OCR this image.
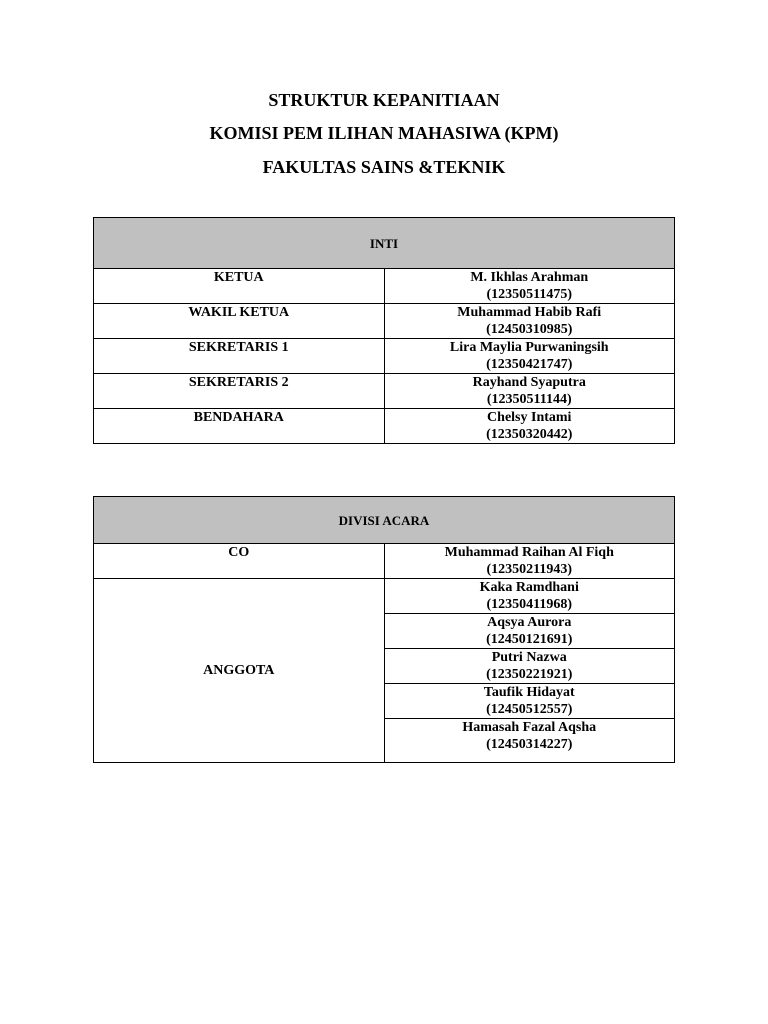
STRUKTUR KEPANITIAAN
KOMISI PEM ILIHAN MAHASIWA (KPM)
FAKULTAS SAINS &TEKNIK
INTI	
KETUA	M. Ikhlas Arahman
(12350511475)

WAKIL KETUA	Muhammad Habib Rafi
(12450310985)

SEKRETARIS 1	Lira Maylia Purwaningsih
(12350421747)

SEKRETARIS 2	Rayhand Syaputra
(12350511144)

BENDAHARA	Chelsy Intami
(12350320442)
DIVISI ACARA	
CO	Muhammad Raihan Al Fiqh
(12350211943)

ANGGOTA	Kaka Ramdhani
(12350411968)

	Aqsya Aurora
(12450121691)

	Putri Nazwa
(12350221921)

	Taufik Hidayat
(12450512557)

	Hamasah Fazal Aqsha
(12450314227)
